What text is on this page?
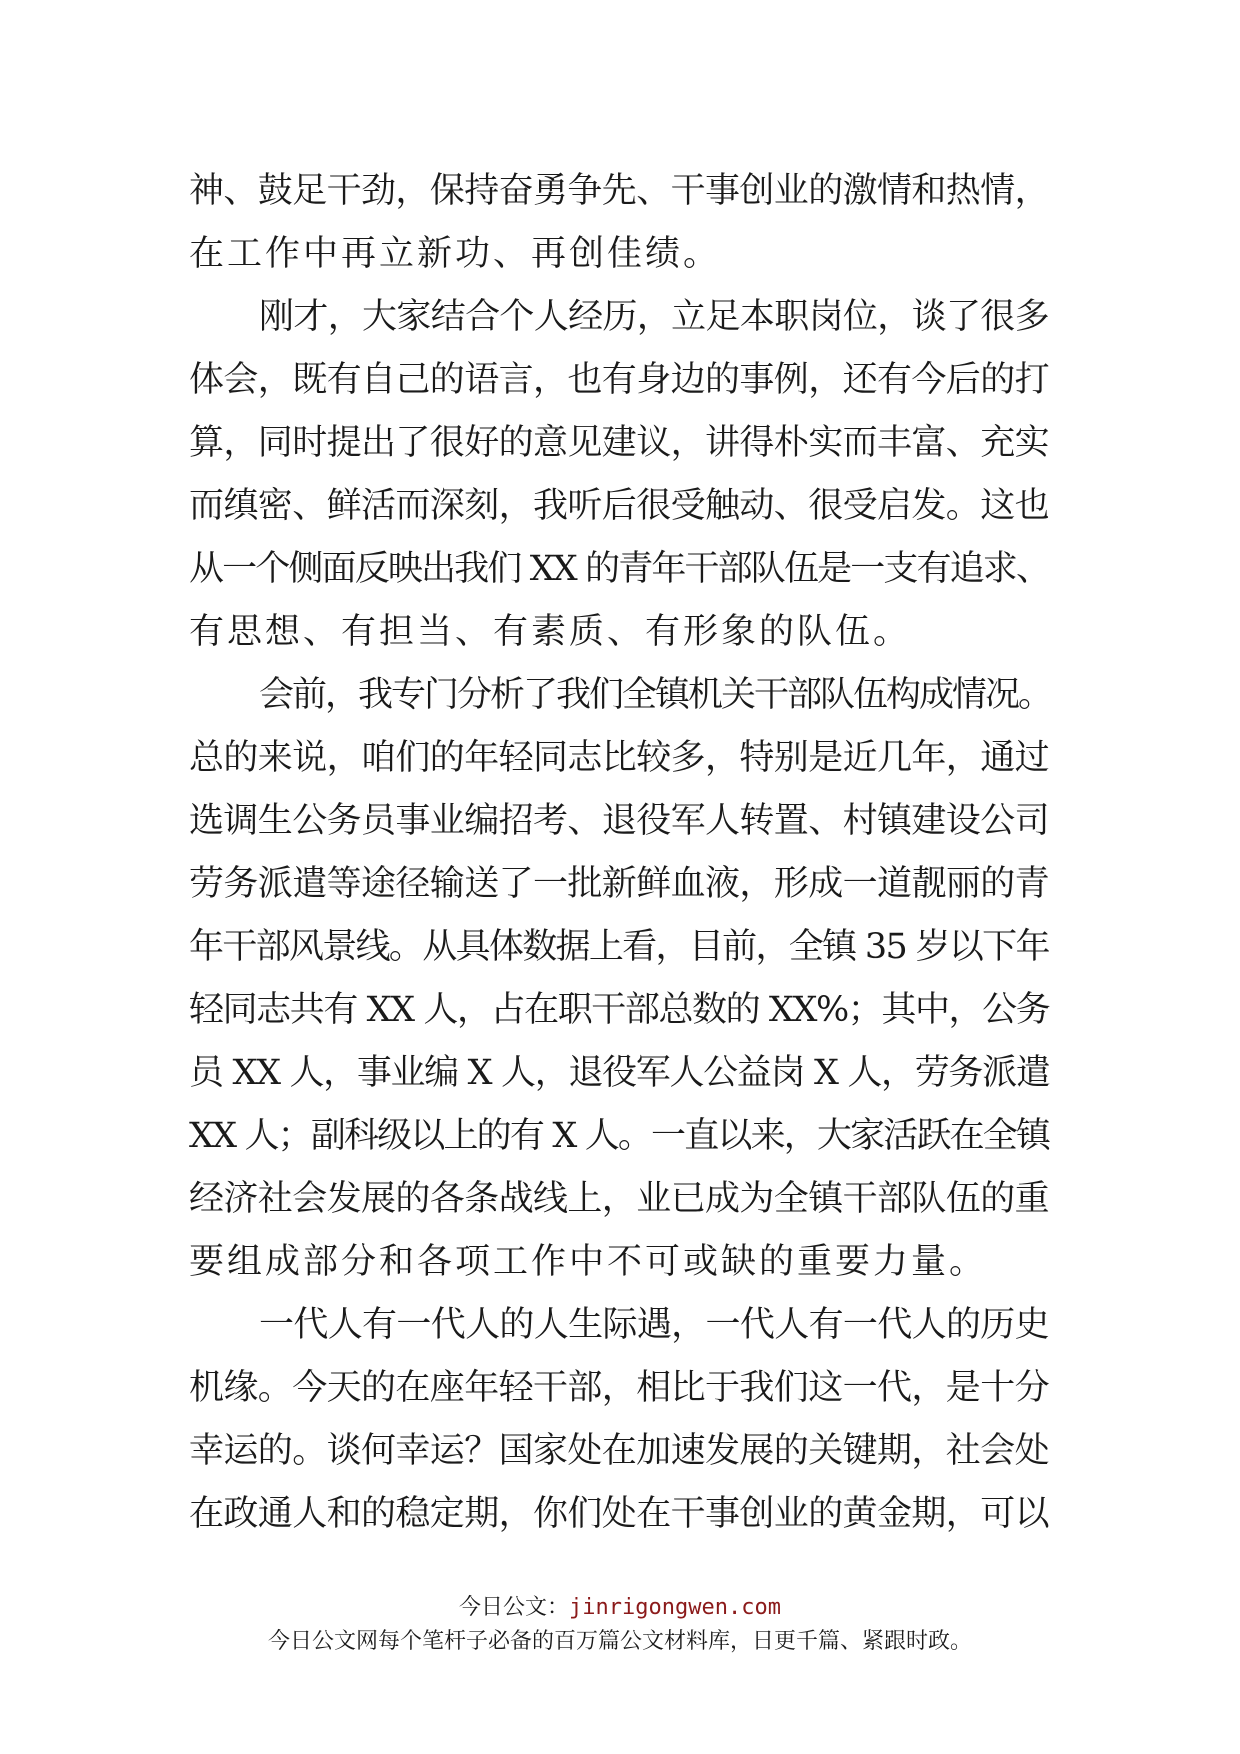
神、鼓足干劲，保持奋勇争先、干事创业的激情和热情，
在工作中再立新功、再创佳绩。
刚才，大家结合个人经历，立足本职岗位，谈了很多
体会，既有自己的语言，也有身边的事例，还有今后的打
算，同时提出了很好的意见建议，讲得朴实而丰富、充实
而缜密、鲜活而深刻，我听后很受触动、很受启发。这也
从一个侧面反映出我们 XX 的青年干部队伍是一支有追求、
有思想、有担当、有素质、有形象的队伍。
会前，我专门分析了我们全镇机关干部队伍构成情况。
总的来说，咱们的年轻同志比较多，特别是近几年，通过
选调生公务员事业编招考、退役军人转置、村镇建设公司
劳务派遣等途径输送了一批新鲜血液，形成一道靓丽的青
年干部风景线。从具体数据上看，目前，全镇 35 岁以下年
轻同志共有 XX 人，占在职干部总数的 XX%；其中，公务
员 XX 人，事业编 X 人，退役军人公益岗 X 人，劳务派遣
XX 人；副科级以上的有 X 人。一直以来，大家活跃在全镇
经济社会发展的各条战线上，业已成为全镇干部队伍的重
要组成部分和各项工作中不可或缺的重要力量。
一代人有一代人的人生际遇，一代人有一代人的历史
机缘。今天的在座年轻干部，相比于我们这一代，是十分
幸运的。谈何幸运？国家处在加速发展的关键期，社会处
在政通人和的稳定期，你们处在干事创业的黄金期，可以
今日公文：jinrigongwen.com
今日公文网每个笔杆子必备的百万篇公文材料库，日更千篇、紧跟时政。
